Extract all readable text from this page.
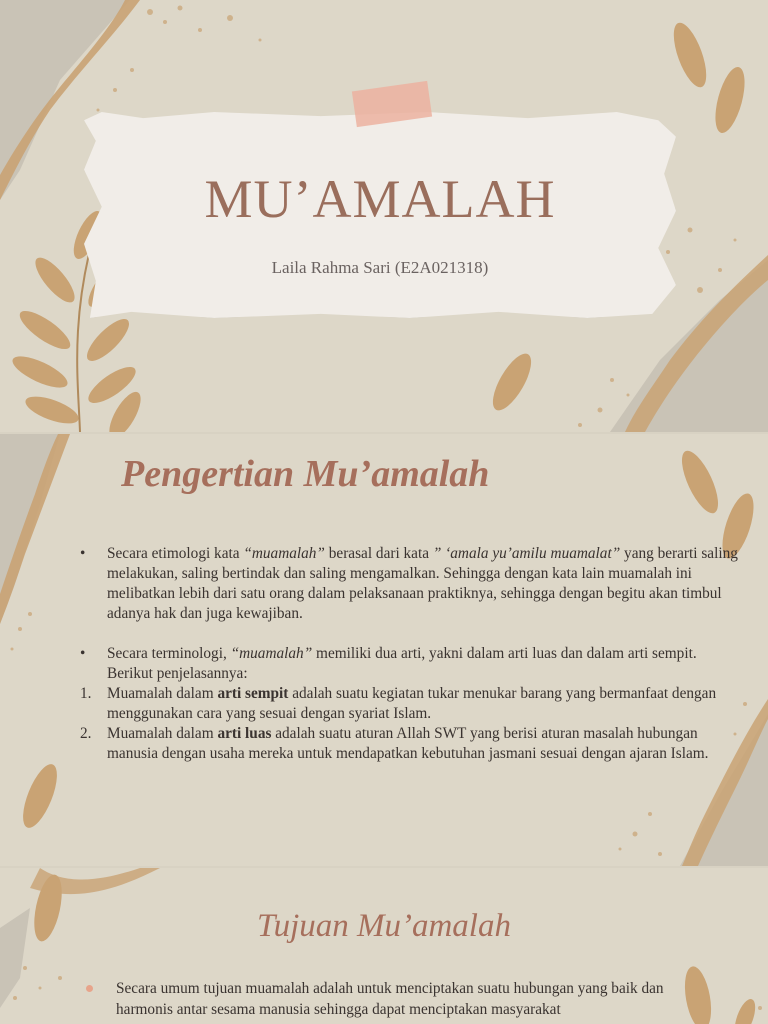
MU’AMALAH
Laila Rahma Sari (E2A021318)
Pengertian Mu’amalah
• Secara etimologi kata “muamalah” berasal dari kata ” ‘amala yu’amilu muamalat” yang berarti saling melakukan, saling bertindak dan saling mengamalkan. Sehingga dengan kata lain muamalah ini melibatkan lebih dari satu orang dalam pelaksanaan praktiknya, sehingga dengan begitu akan timbul adanya hak dan juga kewajiban.
• Secara terminologi, “muamalah” memiliki dua arti, yakni dalam arti luas dan dalam arti sempit. Berikut penjelasannya:
1. Muamalah dalam arti sempit adalah suatu kegiatan tukar menukar barang yang bermanfaat dengan menggunakan cara yang sesuai dengan syariat Islam.
2. Muamalah dalam arti luas adalah suatu aturan Allah SWT yang berisi aturan masalah hubungan manusia dengan usaha mereka untuk mendapatkan kebutuhan jasmani sesuai dengan ajaran Islam.
Tujuan Mu’amalah
Secara umum tujuan muamalah adalah untuk menciptakan suatu hubungan yang baik dan harmonis antar sesama manusia sehingga dapat menciptakan masyarakat
